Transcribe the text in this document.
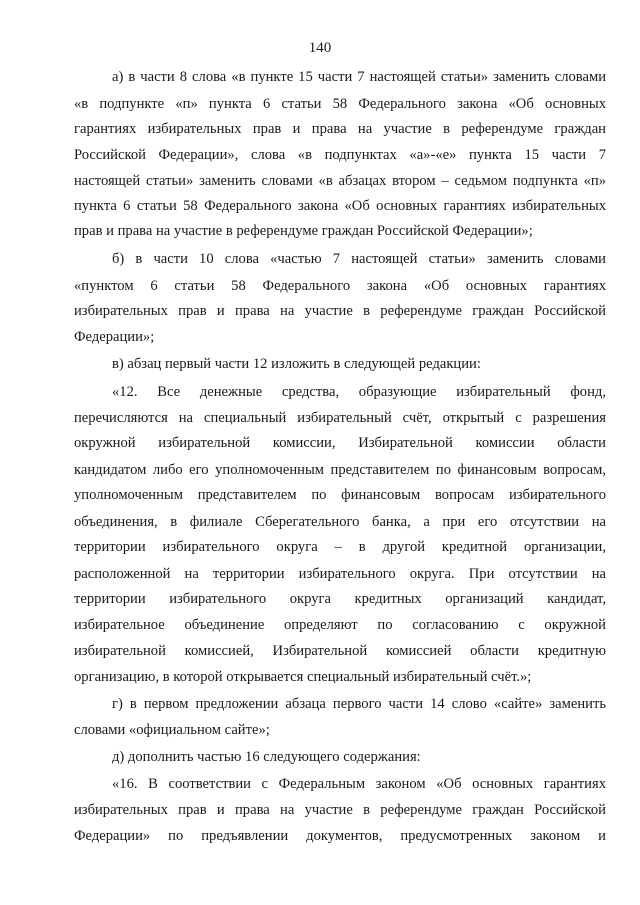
140
а) в части 8 слова «в пункте 15 части 7 настоящей статьи» заменить словами
«в подпункте «п» пункта 6 статьи 58 Федерального закона «Об основных
гарантиях избирательных прав и права на участие в референдуме граждан
Российской Федерации», слова «в подпунктах «а»-«е» пункта 15 части 7
настоящей статьи» заменить словами «в абзацах втором – седьмом подпункта «п»
пункта 6 статьи 58 Федерального закона «Об основных гарантиях избирательных
прав и права на участие в референдуме граждан Российской Федерации»;
б) в части 10 слова «частью 7 настоящей статьи» заменить словами
«пунктом 6 статьи 58 Федерального закона «Об основных гарантиях
избирательных прав и права на участие в референдуме граждан Российской
Федерации»;
в) абзац первый части 12 изложить в следующей редакции:
«12. Все денежные средства, образующие избирательный фонд,
перечисляются на специальный избирательный счёт, открытый с разрешения
окружной избирательной комиссии, Избирательной комиссии области
кандидатом либо его уполномоченным представителем по финансовым вопросам,
уполномоченным представителем по финансовым вопросам избирательного
объединения, в филиале Сберегательного банка, а при его отсутствии на
территории избирательного округа – в другой кредитной организации,
расположенной на территории избирательного округа. При отсутствии на
территории избирательного округа кредитных организаций кандидат,
избирательное объединение определяют по согласованию с окружной
избирательной комиссией, Избирательной комиссией области кредитную
организацию, в которой открывается специальный избирательный счёт.»;
г) в первом предложении абзаца первого части 14 слово «сайте» заменить
словами «официальном сайте»;
д) дополнить частью 16 следующего содержания:
«16. В соответствии с Федеральным законом «Об основных гарантиях
избирательных прав и права на участие в референдуме граждан Российской
Федерации» по предъявлении документов, предусмотренных законом и
